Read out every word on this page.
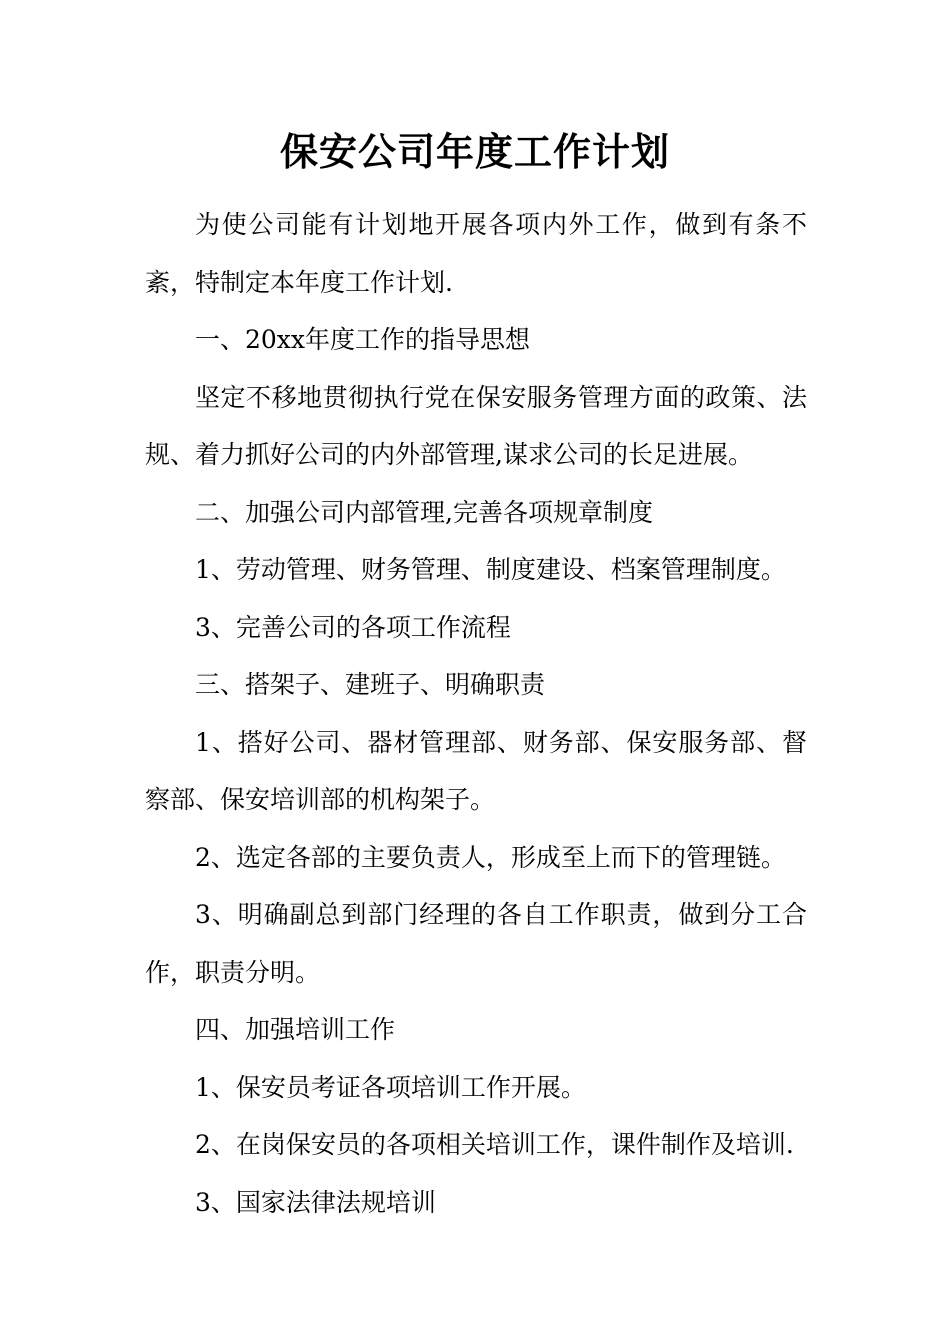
保安公司年度工作计划

为使公司能有计划地开展各项内外工作，做到有条不紊，特制定本年度工作计划.

一、20xx年度工作的指导思想

坚定不移地贯彻执行党在保安服务管理方面的政策、法规、着力抓好公司的内外部管理,谋求公司的长足进展。

二、加强公司内部管理,完善各项规章制度

1、劳动管理、财务管理、制度建设、档案管理制度。

3、完善公司的各项工作流程

三、搭架子、建班子、明确职责

1、搭好公司、器材管理部、财务部、保安服务部、督察部、保安培训部的机构架子。

2、选定各部的主要负责人，形成至上而下的管理链。

3、明确副总到部门经理的各自工作职责，做到分工合作，职责分明。

四、加强培训工作

1、保安员考证各项培训工作开展。

2、在岗保安员的各项相关培训工作，课件制作及培训.

3、国家法律法规培训
